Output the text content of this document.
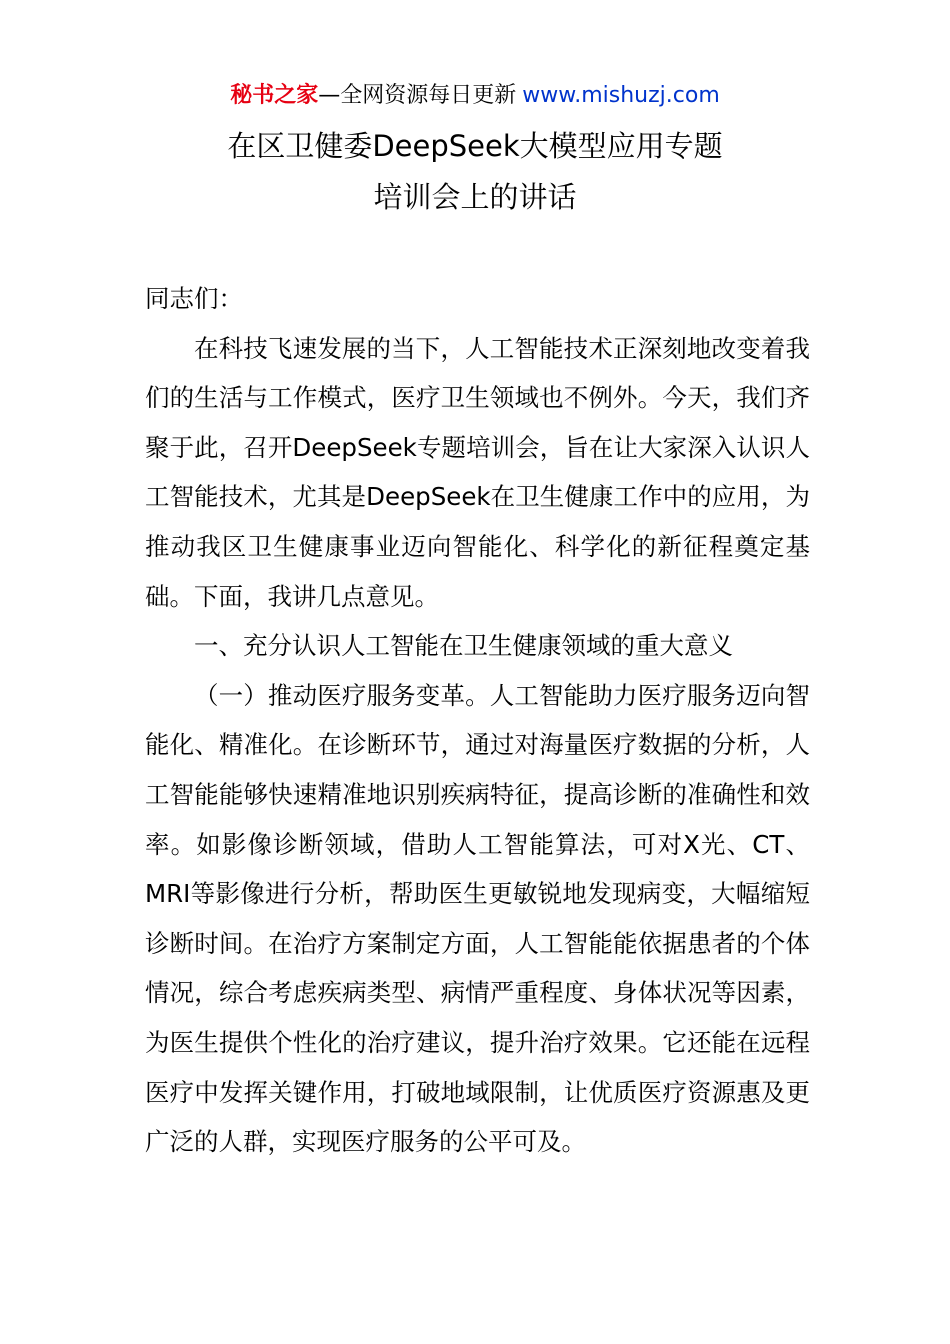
秘书之家—全网资源每日更新 www.mishuzj.com
在区卫健委DeepSeek大模型应用专题
培训会上的讲话

同志们：

在科技飞速发展的当下，人工智能技术正深刻地改变着我们的生活与工作模式，医疗卫生领域也不例外。今天，我们齐聚于此，召开DeepSeek专题培训会，旨在让大家深入认识人工智能技术，尤其是DeepSeek在卫生健康工作中的应用，为推动我区卫生健康事业迈向智能化、科学化的新征程奠定基础。下面，我讲几点意见。

一、充分认识人工智能在卫生健康领域的重大意义

（一）推动医疗服务变革。人工智能助力医疗服务迈向智能化、精准化。在诊断环节，通过对海量医疗数据的分析，人工智能能够快速精准地识别疾病特征，提高诊断的准确性和效率。如影像诊断领域，借助人工智能算法，可对X光、CT、MRI等影像进行分析，帮助医生更敏锐地发现病变，大幅缩短诊断时间。在治疗方案制定方面，人工智能能依据患者的个体情况，综合考虑疾病类型、病情严重程度、身体状况等因素，为医生提供个性化的治疗建议，提升治疗效果。它还能在远程医疗中发挥关键作用，打破地域限制，让优质医疗资源惠及更广泛的人群，实现医疗服务的公平可及。
